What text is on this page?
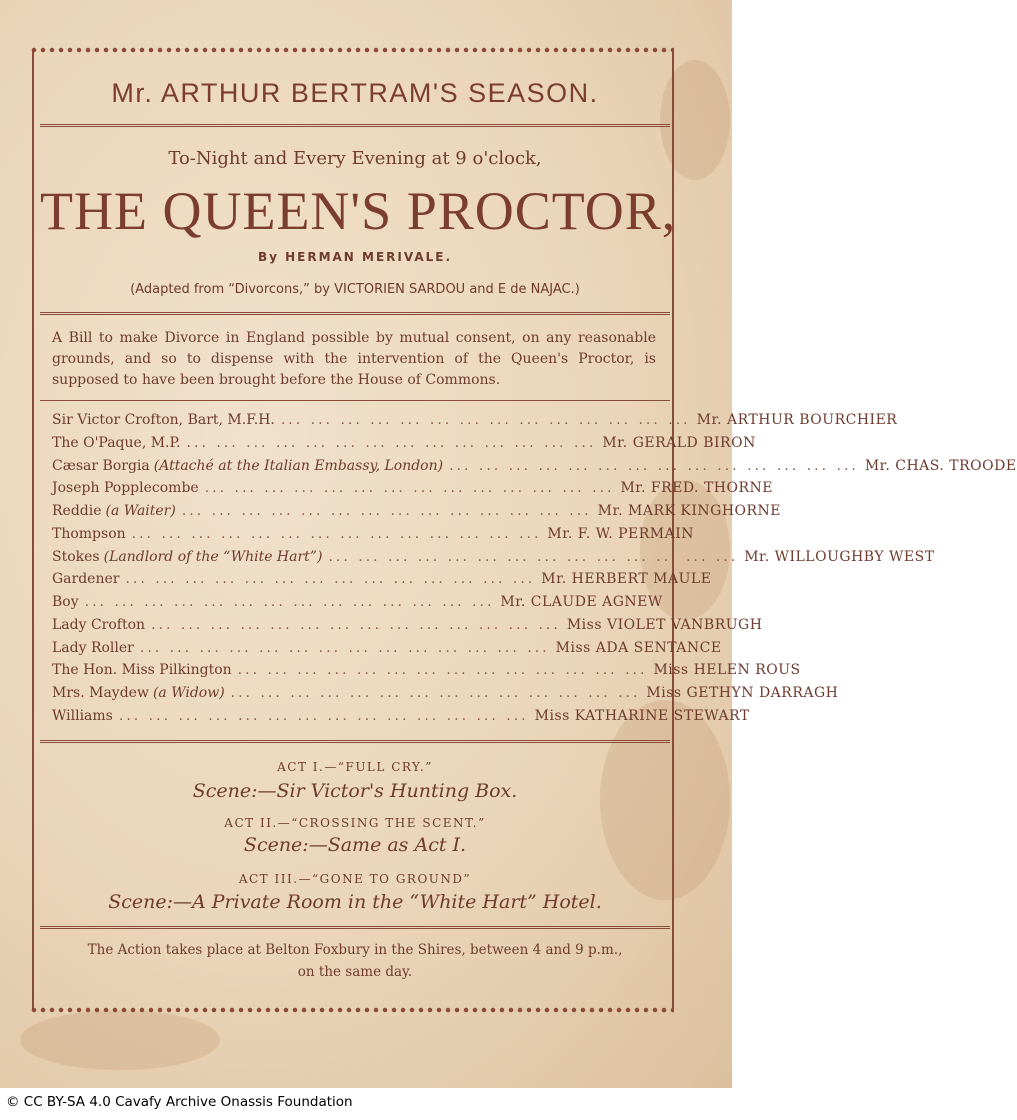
Mr. ARTHUR BERTRAM'S SEASON.
To-Night and Every Evening at 9 o'clock,
THE QUEEN'S PROCTOR,
By HERMAN MERIVALE.
(Adapted from “Divorcons,” by VICTORIEN SARDOU and E de NAJAC.)
A Bill to make Divorce in England possible by mutual consent, on any reasonable grounds, and so to dispense with the intervention of the Queen's Proctor, is supposed to have been brought before the House of Commons.
Sir Victor Crofton, Bart, M.F.H. ... ... ... ... ... ... ... ... ... ... ... ... ... ... Mr. ARTHUR BOURCHIER
The O'Paque, M.P. ... ... ... ... ... ... ... ... ... ... ... ... ... ... Mr. GERALD BIRON
Cæsar Borgia (Attaché at the Italian Embassy, London) ... ... ... ... ... ... ... ... ... ... ... ... ... ... Mr. CHAS. TROODE
Joseph Popplecombe ... ... ... ... ... ... ... ... ... ... ... ... ... ... Mr. FRED. THORNE
Reddie (a Waiter) ... ... ... ... ... ... ... ... ... ... ... ... ... ... Mr. MARK KINGHORNE
Thompson ... ... ... ... ... ... ... ... ... ... ... ... ... ... Mr. F. W. PERMAIN
Stokes (Landlord of the “White Hart”) ... ... ... ... ... ... ... ... ... ... ... ... ... ... Mr. WILLOUGHBY WEST
Gardener ... ... ... ... ... ... ... ... ... ... ... ... ... ... Mr. HERBERT MAULE
Boy ... ... ... ... ... ... ... ... ... ... ... ... ... ... Mr. CLAUDE AGNEW
Lady Crofton ... ... ... ... ... ... ... ... ... ... ... ... ... ... Miss VIOLET VANBRUGH
Lady Roller ... ... ... ... ... ... ... ... ... ... ... ... ... ... Miss ADA SENTANCE
The Hon. Miss Pilkington ... ... ... ... ... ... ... ... ... ... ... ... ... ... Miss HELEN ROUS
Mrs. Maydew (a Widow) ... ... ... ... ... ... ... ... ... ... ... ... ... ... Miss GETHYN DARRAGH
Williams ... ... ... ... ... ... ... ... ... ... ... ... ... ... Miss KATHARINE STEWART
ACT I.—“FULL CRY.”
Scene:—Sir Victor's Hunting Box.
ACT II.—“CROSSING THE SCENT.”
Scene:—Same as Act I.
ACT III.—“GONE TO GROUND”
Scene:—A Private Room in the “White Hart” Hotel.
The Action takes place at Belton Foxbury in the Shires, between 4 and 9 p.m.,
on the same day.
© CC BY-SA 4.0 Cavafy Archive Onassis Foundation
